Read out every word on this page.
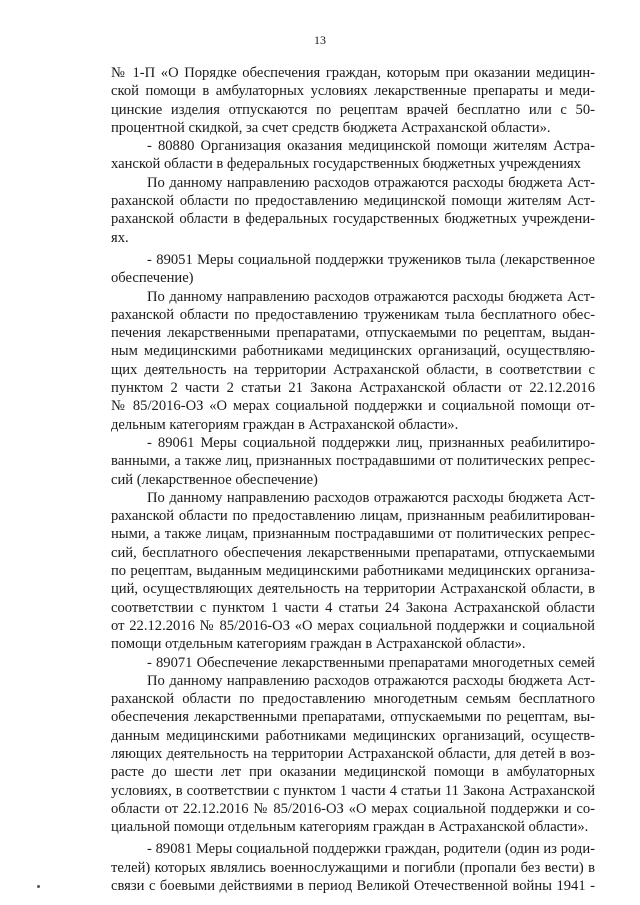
13
№ 1-П «О Порядке обеспечения граждан, которым при оказании медицин-
ской помощи в амбулаторных условиях лекарственные препараты и меди-
цинские изделия отпускаются по рецептам врачей бесплатно или с 50-
процентной скидкой, за счет средств бюджета Астраханской области».
- 80880 Организация оказания медицинской помощи жителям Астра-
ханской области в федеральных государственных бюджетных учреждениях
По данному направлению расходов отражаются расходы бюджета Аст-
раханской области по предоставлению медицинской помощи жителям Аст-
раханской области в федеральных государственных бюджетных учреждени-
ях.
- 89051 Меры социальной поддержки тружеников тыла (лекарственное
обеспечение)
По данному направлению расходов отражаются расходы бюджета Аст-
раханской области по предоставлению труженикам тыла бесплатного обес-
печения лекарственными препаратами, отпускаемыми по рецептам, выдан-
ным медицинскими работниками медицинских организаций, осуществляю-
щих деятельность на территории Астраханской области, в соответствии с
пунктом 2 части 2 статьи 21 Закона Астраханской области от 22.12.2016
№ 85/2016-ОЗ «О мерах социальной поддержки и социальной помощи от-
дельным категориям граждан в Астраханской области».
- 89061 Меры социальной поддержки лиц, признанных реабилитиро-
ванными, а также лиц, признанных пострадавшими от политических репрес-
сий (лекарственное обеспечение)
По данному направлению расходов отражаются расходы бюджета Аст-
раханской области по предоставлению лицам, признанным реабилитирован-
ными, а также лицам, признанным пострадавшими от политических репрес-
сий, бесплатного обеспечения лекарственными препаратами, отпускаемыми
по рецептам, выданным медицинскими работниками медицинских организа-
ций, осуществляющих деятельность на территории Астраханской области, в
соответствии с пунктом 1 части 4 статьи 24 Закона Астраханской области
от 22.12.2016 № 85/2016-ОЗ «О мерах социальной поддержки и социальной
помощи отдельным категориям граждан в Астраханской области».
- 89071 Обеспечение лекарственными препаратами многодетных семей
По данному направлению расходов отражаются расходы бюджета Аст-
раханской области по предоставлению многодетным семьям бесплатного
обеспечения лекарственными препаратами, отпускаемыми по рецептам, вы-
данным медицинскими работниками медицинских организаций, осуществ-
ляющих деятельность на территории Астраханской области, для детей в воз-
расте до шести лет при оказании медицинской помощи в амбулаторных
условиях, в соответствии с пунктом 1 части 4 статьи 11 Закона Астраханской
области от 22.12.2016 № 85/2016-ОЗ «О мерах социальной поддержки и со-
циальной помощи отдельным категориям граждан в Астраханской области».
- 89081 Меры социальной поддержки граждан, родители (один из роди-
телей) которых являлись военнослужащими и погибли (пропали без вести) в
связи с боевыми действиями в период Великой Отечественной войны 1941 -
